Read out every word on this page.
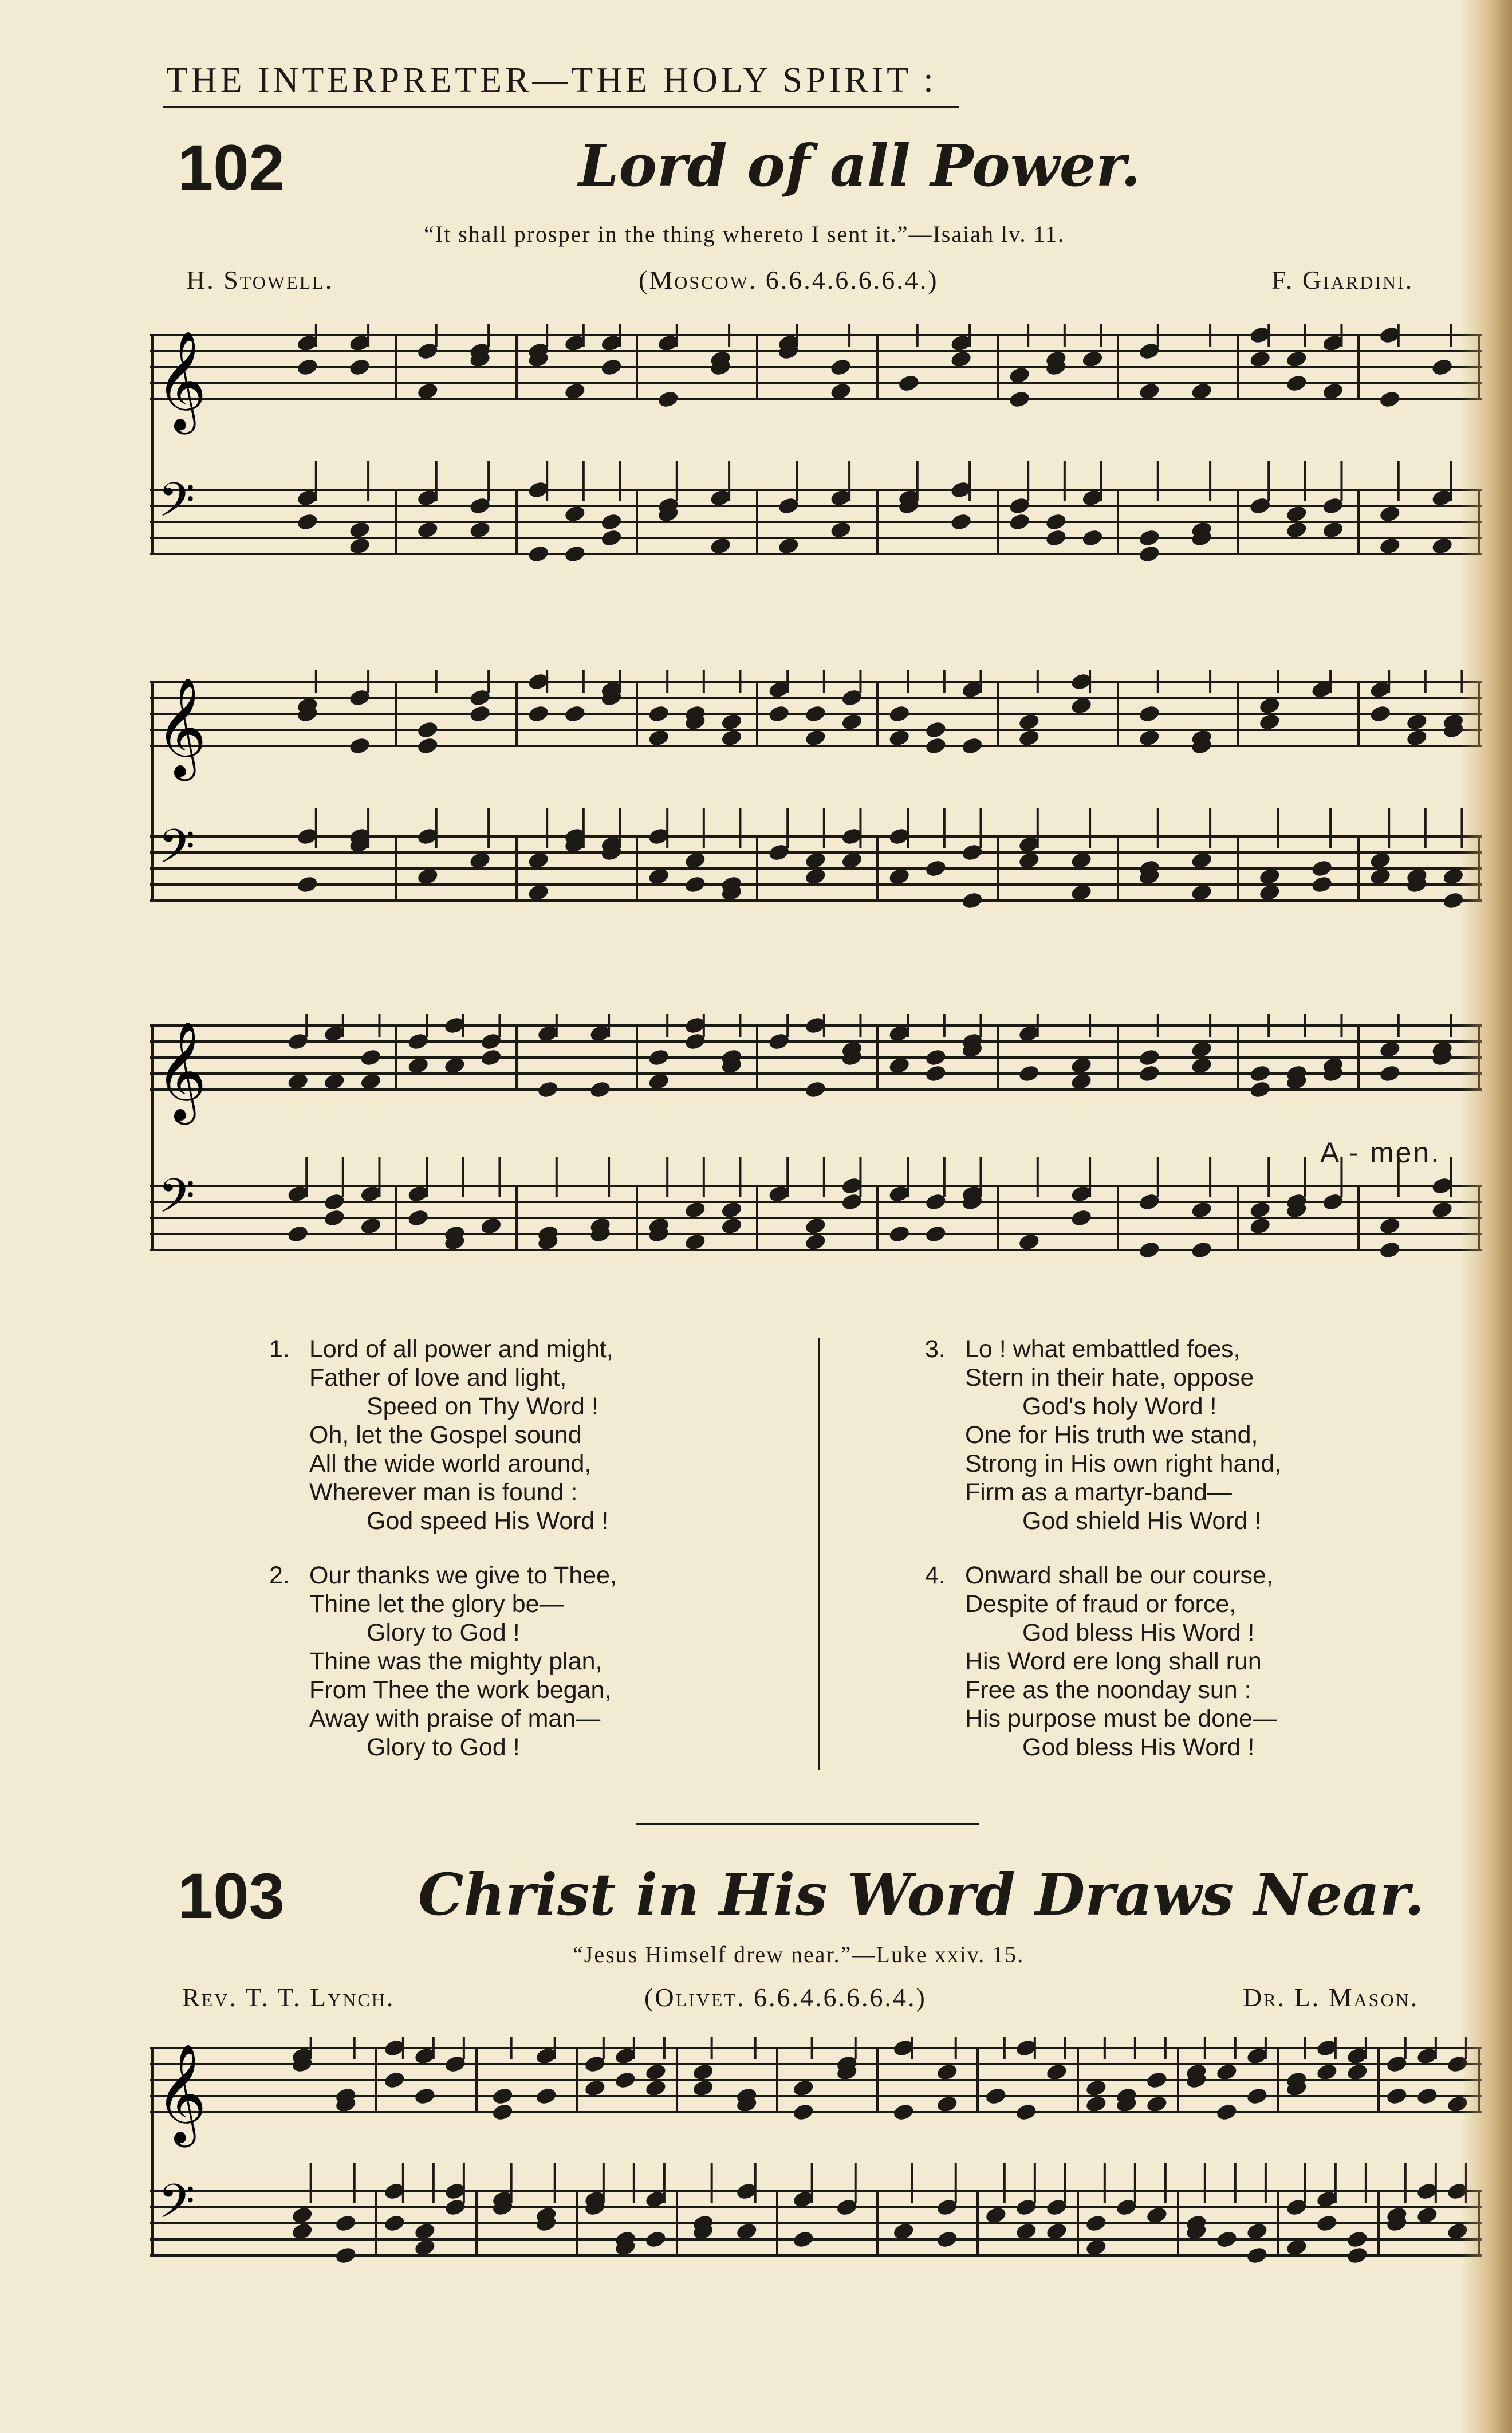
THE INTERPRETER—THE HOLY SPIRIT :
102	Lord of all Power.
“It shall prosper in the thing whereto I sent it.”—Isaiah lv. 11.
H. Stowell.	(Moscow. 6.6.4.6.6.6.4.)	F. Giardini.
𝄞
𝄢
𝄞
𝄢
𝄞
𝄢
A - men.
1. Lord of all power and might,
Father of love and light,
Speed on Thy Word !
Oh, let the Gospel sound
All the wide world around,
Wherever man is found :
God speed His Word !
2. Our thanks we give to Thee,
Thine let the glory be—
Glory to God !
Thine was the mighty plan,
From Thee the work began,
Away with praise of man—
Glory to God !
3. Lo ! what embattled foes,
Stern in their hate, oppose
God's holy Word !
One for His truth we stand,
Strong in His own right hand,
Firm as a martyr-band—
God shield His Word !
4. Onward shall be our course,
Despite of fraud or force,
God bless His Word !
His Word ere long shall run
Free as the noonday sun :
His purpose must be done—
God bless His Word !
103 Christ in His Word Draws Near.
“Jesus Himself drew near.”—Luke xxiv. 15.
Rev. T. T. Lynch.	(Olivet. 6.6.4.6.6.6.4.)	Dr. L. Mason.
𝄞
𝄢
